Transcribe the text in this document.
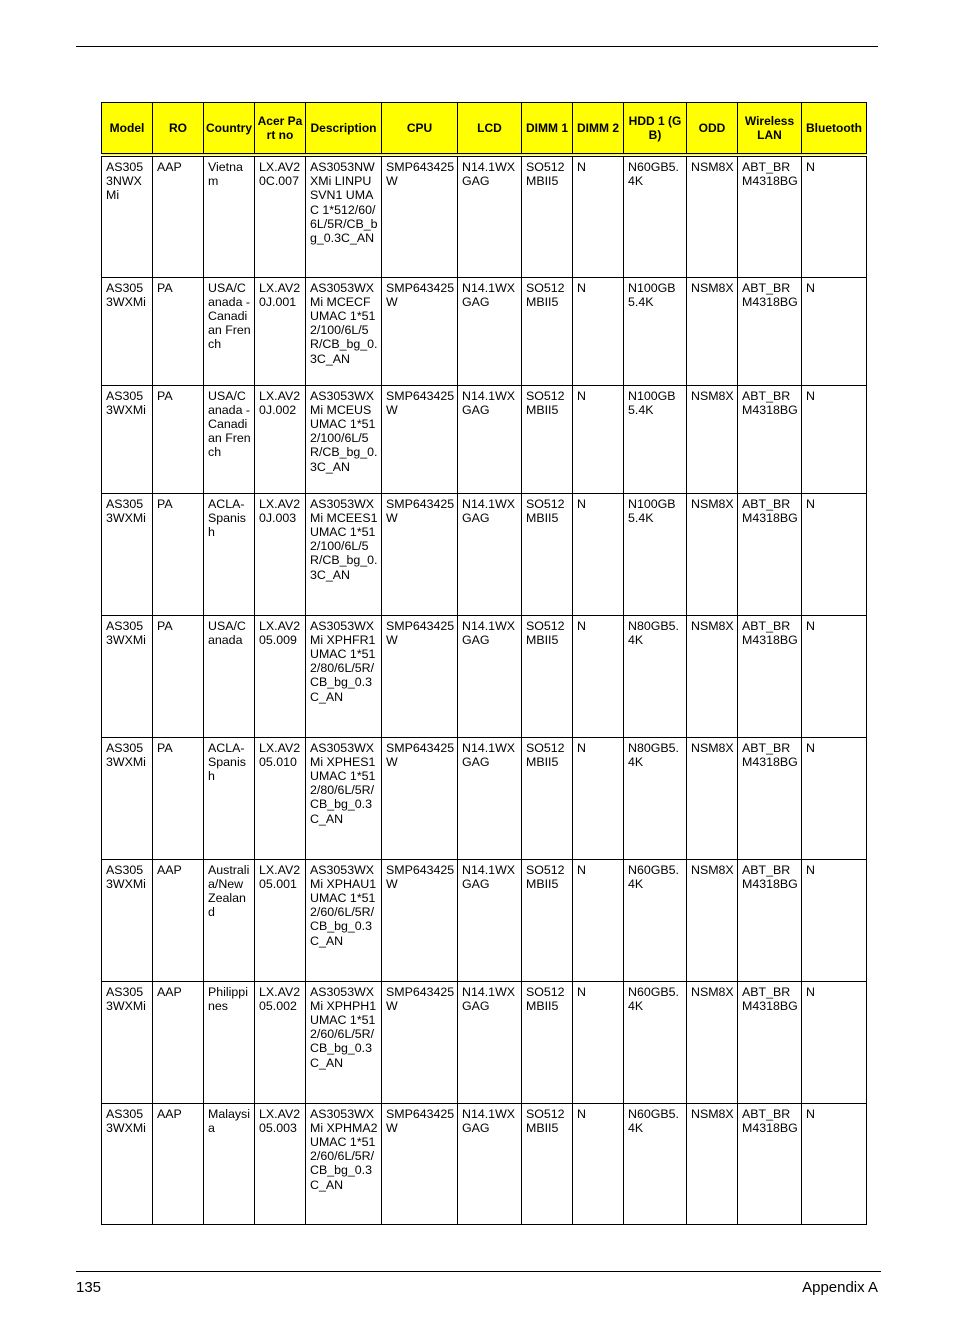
Model	RO	Country	Acer Part no	Description	CPU	LCD	DIMM 1	DIMM 2	HDD 1 (GB)	ODD	Wireless LAN	Bluetooth
AS3053NWXMi	AAP	Vietnam	LX.AV20C.007	AS3053NWXMi LINPUSVN1 UMAC 1*512/60/6L/5R/CB_bg_0.3C_AN	SMP643425W	N14.1WXGAG	SO512MBII5	N	N60GB5.4K	NSM8X	ABT_BRM4318BG	N
AS3053WXMi	PA	USA/Canada - Canadian French	LX.AV20J.001	AS3053WXMi MCECF UMAC 1*512/100/6L/5R/CB_bg_0.3C_AN	SMP643425W	N14.1WXGAG	SO512MBII5	N	N100GB5.4K	NSM8X	ABT_BRM4318BG	N
AS3053WXMi	PA	USA/Canada - Canadian French	LX.AV20J.002	AS3053WXMi MCEUS UMAC 1*512/100/6L/5R/CB_bg_0.3C_AN	SMP643425W	N14.1WXGAG	SO512MBII5	N	N100GB5.4K	NSM8X	ABT_BRM4318BG	N
AS3053WXMi	PA	ACLA-Spanish	LX.AV20J.003	AS3053WXMi MCEES1 UMAC 1*512/100/6L/5R/CB_bg_0.3C_AN	SMP643425W	N14.1WXGAG	SO512MBII5	N	N100GB5.4K	NSM8X	ABT_BRM4318BG	N
AS3053WXMi	PA	USA/Canada	LX.AV205.009	AS3053WXMi XPHFR1 UMAC 1*512/80/6L/5R/CB_bg_0.3C_AN	SMP643425W	N14.1WXGAG	SO512MBII5	N	N80GB5.4K	NSM8X	ABT_BRM4318BG	N
AS3053WXMi	PA	ACLA-Spanish	LX.AV205.010	AS3053WXMi XPHES1 UMAC 1*512/80/6L/5R/CB_bg_0.3C_AN	SMP643425W	N14.1WXGAG	SO512MBII5	N	N80GB5.4K	NSM8X	ABT_BRM4318BG	N
AS3053WXMi	AAP	Australia/New Zealand	LX.AV205.001	AS3053WXMi XPHAU1 UMAC 1*512/60/6L/5R/CB_bg_0.3C_AN	SMP643425W	N14.1WXGAG	SO512MBII5	N	N60GB5.4K	NSM8X	ABT_BRM4318BG	N
AS3053WXMi	AAP	Philippines	LX.AV205.002	AS3053WXMi XPHPH1 UMAC 1*512/60/6L/5R/CB_bg_0.3C_AN	SMP643425W	N14.1WXGAG	SO512MBII5	N	N60GB5.4K	NSM8X	ABT_BRM4318BG	N
AS3053WXMi	AAP	Malaysia	LX.AV205.003	AS3053WXMi XPHMA2 UMAC 1*512/60/6L/5R/CB_bg_0.3C_AN	SMP643425W	N14.1WXGAG	SO512MBII5	N	N60GB5.4K	NSM8X	ABT_BRM4318BG	N
135	Appendix A
